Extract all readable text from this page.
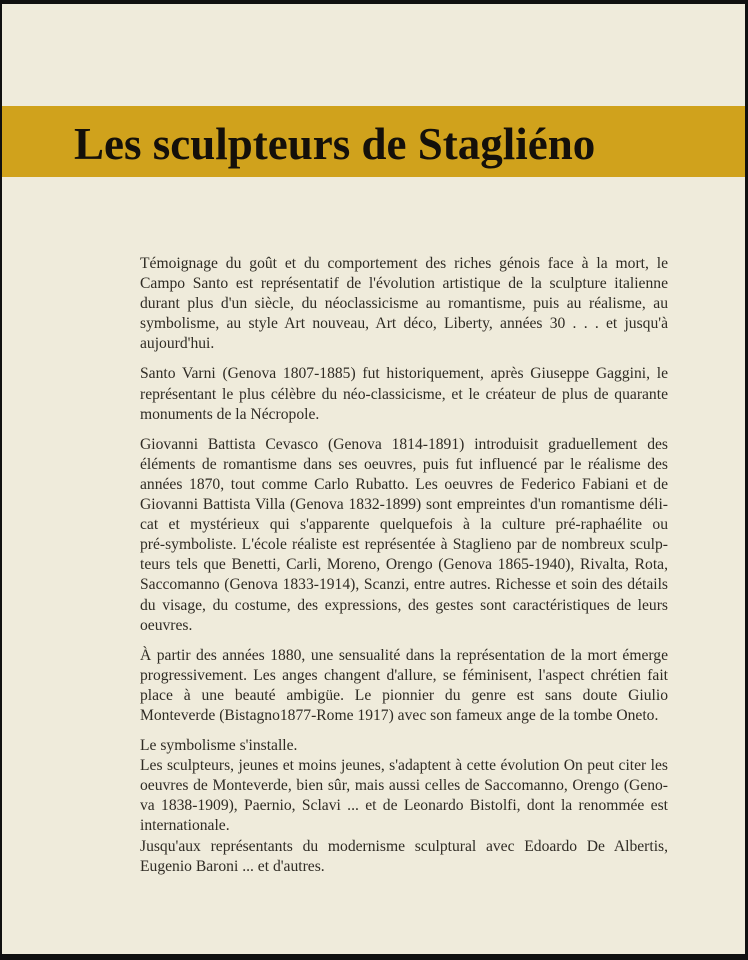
Les sculpteurs de Stagliéno
Témoignage du goût et du comportement des riches génois face à la mort, le
Campo Santo est représentatif de l'évolution artistique de la sculpture italienne
durant plus d'un siècle, du néoclassicisme au romantisme, puis au réalisme, au
symbolisme, au style Art nouveau, Art déco, Liberty, années 30 . . . et jusqu'à
aujourd'hui.
Santo Varni (Genova 1807-1885) fut historiquement, après Giuseppe Gaggini, le
représentant le plus célèbre du néo-classicisme, et le créateur de plus de quarante
monuments de la Nécropole.
Giovanni Battista Cevasco (Genova 1814-1891) introduisit graduellement des
éléments de romantisme dans ses oeuvres, puis fut influencé par le réalisme des
années 1870, tout comme Carlo Rubatto. Les oeuvres de Federico Fabiani et de
Giovanni Battista Villa (Genova 1832-1899) sont empreintes d'un romantisme déli-
cat et mystérieux qui s'apparente quelquefois à la culture pré-raphaélite ou
pré-symboliste. L'école réaliste est représentée à Staglieno par de nombreux sculp-
teurs tels que Benetti, Carli, Moreno, Orengo (Genova 1865-1940), Rivalta, Rota,
Saccomanno (Genova 1833-1914), Scanzi, entre autres. Richesse et soin des détails
du visage, du costume, des expressions, des gestes sont caractéristiques de leurs
oeuvres.
À partir des années 1880, une sensualité dans la représentation de la mort émerge
progressivement. Les anges changent d'allure, se féminisent, l'aspect chrétien fait
place à une beauté ambigüe. Le pionnier du genre est sans doute Giulio
Monteverde (Bistagno1877-Rome 1917) avec son fameux ange de la tombe Oneto.
Le symbolisme s'installe.
Les sculpteurs, jeunes et moins jeunes, s'adaptent à cette évolution On peut citer les
oeuvres de Monteverde, bien sûr, mais aussi celles de Saccomanno, Orengo (Geno-
va 1838-1909), Paernio, Sclavi ... et de Leonardo Bistolfi, dont la renommée est
internationale.
Jusqu'aux représentants du modernisme sculptural avec Edoardo De Albertis,
Eugenio Baroni ... et d'autres.
